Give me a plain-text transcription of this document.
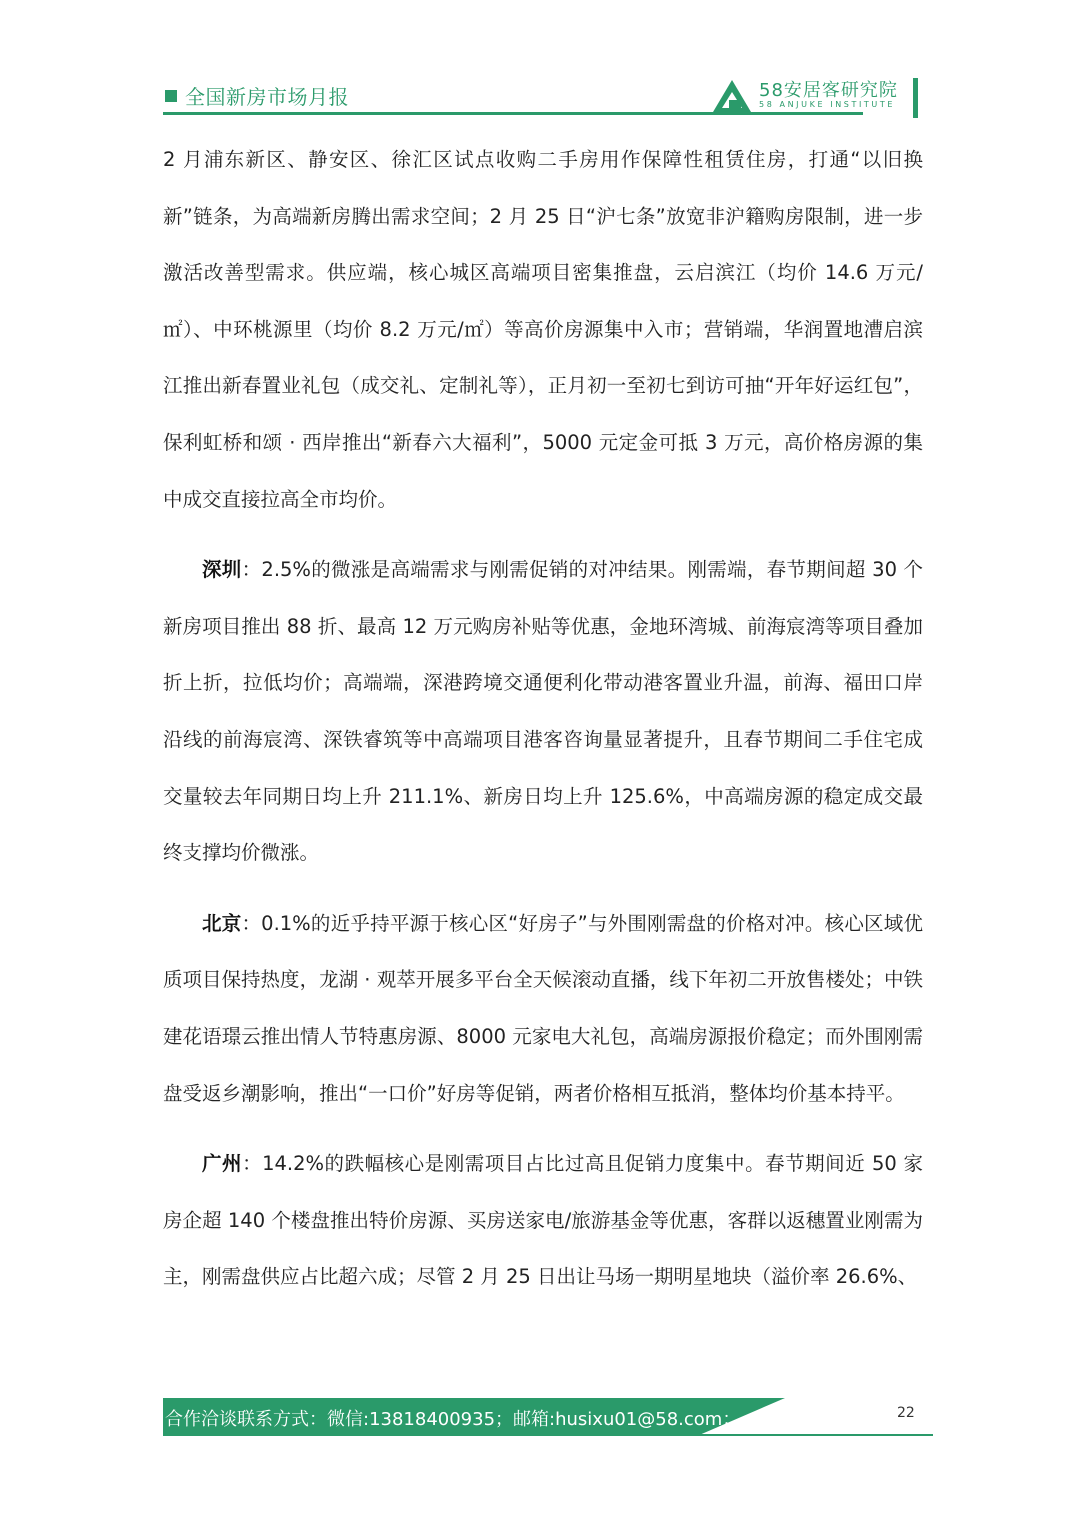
全国新房市场月报	58安居客研究院
58 ANJUKE INSTITUTE

2 月浦东新区、静安区、徐汇区试点收购二手房用作保障性租赁住房，打通“以旧换新”链条，为高端新房腾出需求空间；2 月 25 日“沪七条”放宽非沪籍购房限制，进一步激活改善型需求。供应端，核心城区高端项目密集推盘，云启滨江（均价 14.6 万元/㎡）、中环桃源里（均价 8.2 万元/㎡）等高价房源集中入市；营销端，华润置地漕启滨江推出新春置业礼包（成交礼、定制礼等），正月初一至初七到访可抽“开年好运红包”，保利虹桥和颂 · 西岸推出“新春六大福利”，5000 元定金可抵 3 万元，高价格房源的集中成交直接拉高全市均价。

深圳：2.5%的微涨是高端需求与刚需促销的对冲结果。刚需端，春节期间超 30 个新房项目推出 88 折、最高 12 万元购房补贴等优惠，金地环湾城、前海宸湾等项目叠加折上折，拉低均价；高端端，深港跨境交通便利化带动港客置业升温，前海、福田口岸沿线的前海宸湾、深铁睿筑等中高端项目港客咨询量显著提升，且春节期间二手住宅成交量较去年同期日均上升 211.1%、新房日均上升 125.6%，中高端房源的稳定成交最终支撑均价微涨。

北京：0.1%的近乎持平源于核心区“好房子”与外围刚需盘的价格对冲。核心区域优质项目保持热度，龙湖 · 观萃开展多平台全天候滚动直播，线下年初二开放售楼处；中铁建花语璟云推出情人节特惠房源、8000 元家电大礼包，高端房源报价稳定；而外围刚需盘受返乡潮影响，推出“一口价”好房等促销，两者价格相互抵消，整体均价基本持平。

广州：14.2%的跌幅核心是刚需项目占比过高且促销力度集中。春节期间近 50 家房企超 140 个楼盘推出特价房源、买房送家电/旅游基金等优惠，客群以返穗置业刚需为主，刚需盘供应占比超六成；尽管 2 月 25 日出让马场一期明星地块（溢价率 26.6%、

合作洽谈联系方式：微信:13818400935；邮箱:husixu01@58.com；	22
